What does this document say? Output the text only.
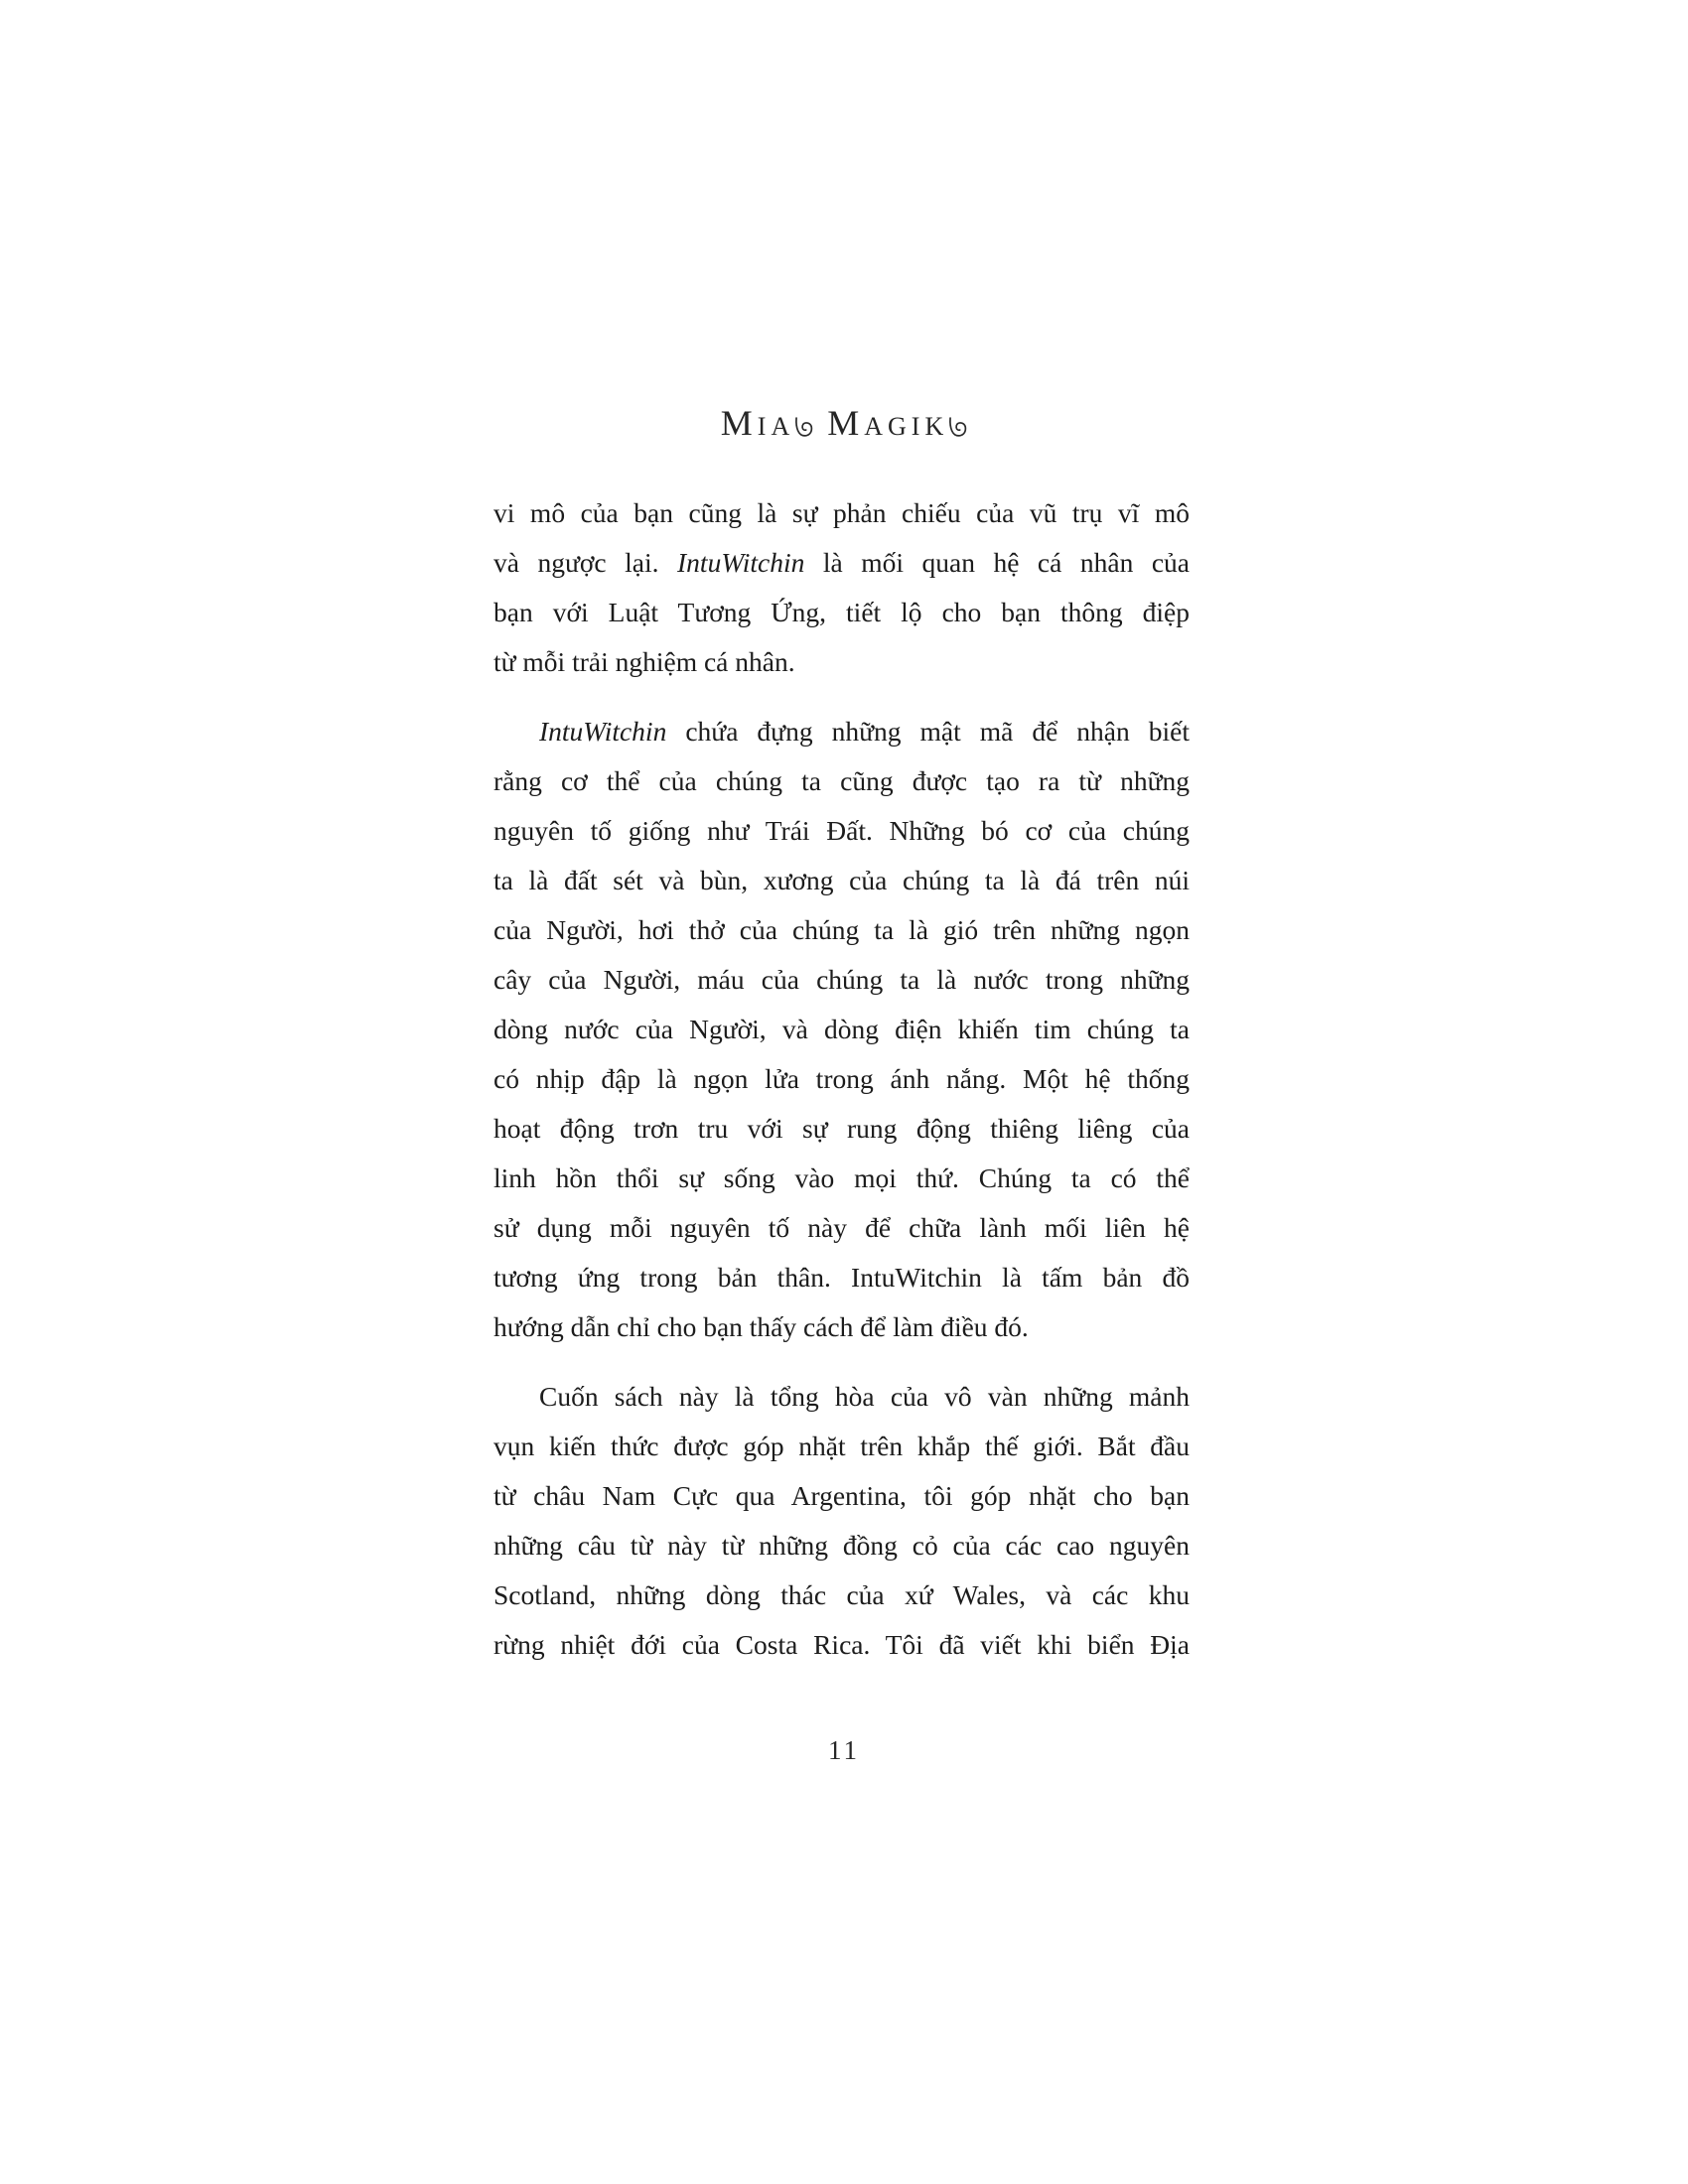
MIA MAGIK
vi mô của bạn cũng là sự phản chiếu của vũ trụ vĩ mô
và ngược lại. IntuWitchin là mối quan hệ cá nhân của
bạn với Luật Tương Ứng, tiết lộ cho bạn thông điệp
từ mỗi trải nghiệm cá nhân.
IntuWitchin chứa đựng những mật mã để nhận biết
rằng cơ thể của chúng ta cũng được tạo ra từ những
nguyên tố giống như Trái Đất. Những bó cơ của chúng
ta là đất sét và bùn, xương của chúng ta là đá trên núi
của Người, hơi thở của chúng ta là gió trên những ngọn
cây của Người, máu của chúng ta là nước trong những
dòng nước của Người, và dòng điện khiến tim chúng ta
có nhịp đập là ngọn lửa trong ánh nắng. Một hệ thống
hoạt động trơn tru với sự rung động thiêng liêng của
linh hồn thổi sự sống vào mọi thứ. Chúng ta có thể
sử dụng mỗi nguyên tố này để chữa lành mối liên hệ
tương ứng trong bản thân. IntuWitchin là tấm bản đồ
hướng dẫn chỉ cho bạn thấy cách để làm điều đó.
Cuốn sách này là tổng hòa của vô vàn những mảnh
vụn kiến thức được góp nhặt trên khắp thế giới. Bắt đầu
từ châu Nam Cực qua Argentina, tôi góp nhặt cho bạn
những câu từ này từ những đồng cỏ của các cao nguyên
Scotland, những dòng thác của xứ Wales, và các khu
rừng nhiệt đới của Costa Rica. Tôi đã viết khi biển Địa
11
